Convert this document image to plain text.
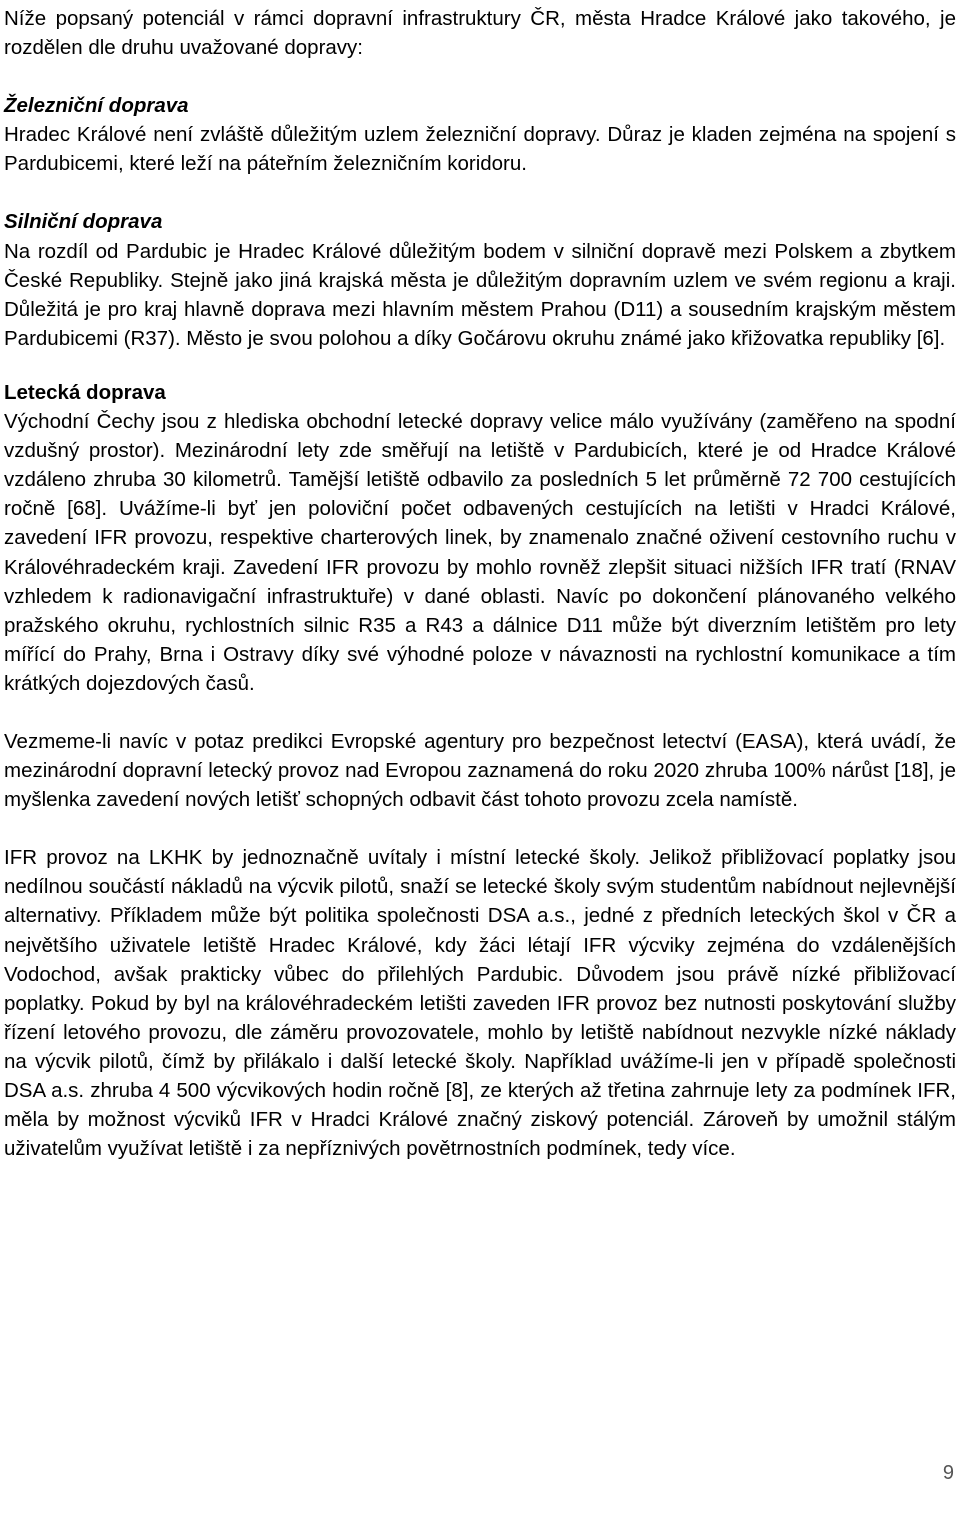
Níže popsaný potenciál v rámci dopravní infrastruktury ČR, města Hradce Králové jako takového, je rozdělen dle druhu uvažované dopravy:

Železniční doprava

Hradec Králové není zvláště důležitým uzlem železniční dopravy. Důraz je kladen zejména na spojení s Pardubicemi, které leží na páteřním železničním koridoru.

Silniční doprava

Na rozdíl od Pardubic je Hradec Králové důležitým bodem v silniční dopravě mezi Polskem a zbytkem České Republiky. Stejně jako jiná krajská města je důležitým dopravním uzlem ve svém regionu a kraji. Důležitá je pro kraj hlavně doprava mezi hlavním městem Prahou (D11) a sousedním krajským městem Pardubicemi (R37). Město je svou polohou a díky Gočárovu okruhu známé jako křižovatka republiky [6].

Letecká doprava

Východní Čechy jsou z hlediska obchodní letecké dopravy velice málo využívány (zaměřeno na spodní vzdušný prostor). Mezinárodní lety zde směřují na letiště v Pardubicích, které je od Hradce Králové vzdáleno zhruba 30 kilometrů. Tamější letiště odbavilo za posledních 5 let průměrně 72 700 cestujících ročně [68]. Uvážíme-li byť jen poloviční počet odbavených cestujících na letišti v Hradci Králové, zavedení IFR provozu, respektive charterových linek, by znamenalo značné oživení cestovního ruchu v Královéhradeckém kraji. Zavedení IFR provozu by mohlo rovněž zlepšit situaci nižších IFR tratí (RNAV vzhledem k radionavigační infrastruktuře) v dané oblasti. Navíc po dokončení plánovaného velkého pražského okruhu, rychlostních silnic R35 a R43 a dálnice D11 může být diverzním letištěm pro lety mířící do Prahy, Brna i Ostravy díky své výhodné poloze v návaznosti na rychlostní komunikace a tím krátkých dojezdových časů.

Vezmeme-li navíc v potaz predikci Evropské agentury pro bezpečnost letectví (EASA), která uvádí, že mezinárodní dopravní letecký provoz nad Evropou zaznamená do roku 2020 zhruba 100% nárůst [18], je myšlenka zavedení nových letišť schopných odbavit část tohoto provozu zcela namístě.

IFR provoz na LKHK by jednoznačně uvítaly i místní letecké školy. Jelikož přibližovací poplatky jsou nedílnou součástí nákladů na výcvik pilotů, snaží se letecké školy svým studentům nabídnout nejlevnější alternativy. Příkladem může být politika společnosti DSA a.s., jedné z předních leteckých škol v ČR a největšího uživatele letiště Hradec Králové, kdy žáci létají IFR výcviky zejména do vzdálenějších Vodochod, avšak prakticky vůbec do přilehlých Pardubic. Důvodem jsou právě nízké přibližovací poplatky. Pokud by byl na královéhradeckém letišti zaveden IFR provoz bez nutnosti poskytování služby řízení letového provozu, dle záměru provozovatele, mohlo by letiště nabídnout nezvykle nízké náklady na výcvik pilotů, čímž by přilákalo i další letecké školy. Například uvážíme-li jen v případě společnosti DSA a.s. zhruba 4 500 výcvikových hodin ročně [8], ze kterých až třetina zahrnuje lety za podmínek IFR, měla by možnost výcviků IFR v Hradci Králové značný ziskový potenciál. Zároveň by umožnil stálým uživatelům využívat letiště i za nepříznivých povětrnostních podmínek, tedy více.

9
